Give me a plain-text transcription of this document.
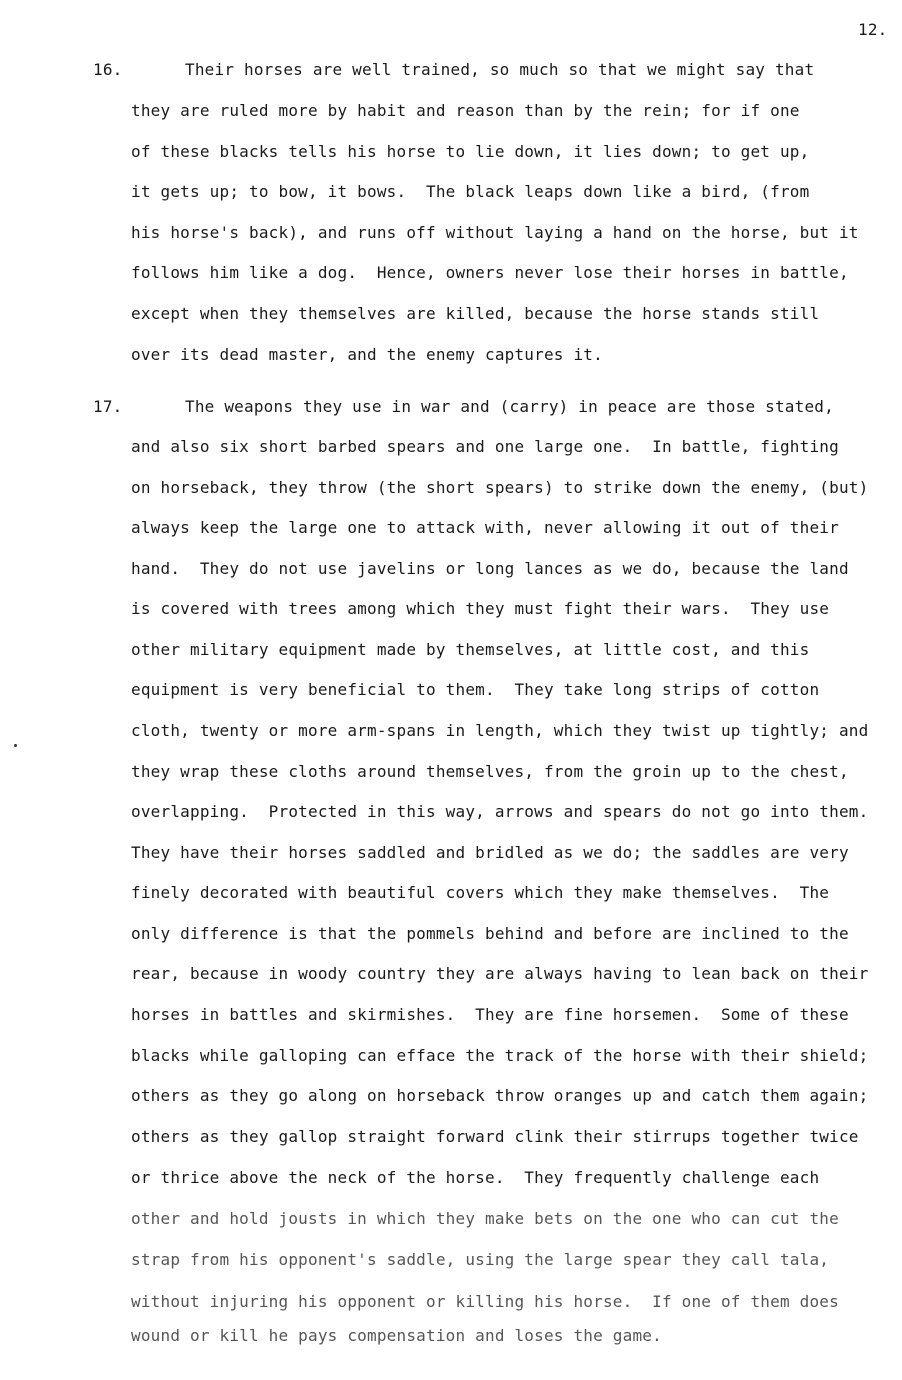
12.
16.	Their horses are well trained, so much so that we might say that
they are ruled more by habit and reason than by the rein; for if one
of these blacks tells his horse to lie down, it lies down; to get up,
it gets up; to bow, it bows.  The black leaps down like a bird, (from
his horse's back), and runs off without laying a hand on the horse, but it
follows him like a dog.  Hence, owners never lose their horses in battle,
except when they themselves are killed, because the horse stands still
over its dead master, and the enemy captures it.
17.	The weapons they use in war and (carry) in peace are those stated,
and also six short barbed spears and one large one.  In battle, fighting
on horseback, they throw (the short spears) to strike down the enemy, (but)
always keep the large one to attack with, never allowing it out of their
hand.  They do not use javelins or long lances as we do, because the land
is covered with trees among which they must fight their wars.  They use
other military equipment made by themselves, at little cost, and this
equipment is very beneficial to them.  They take long strips of cotton
cloth, twenty or more arm-spans in length, which they twist up tightly; and
they wrap these cloths around themselves, from the groin up to the chest,
overlapping.  Protected in this way, arrows and spears do not go into them.
They have their horses saddled and bridled as we do; the saddles are very
finely decorated with beautiful covers which they make themselves.  The
only difference is that the pommels behind and before are inclined to the
rear, because in woody country they are always having to lean back on their
horses in battles and skirmishes.  They are fine horsemen.  Some of these
blacks while galloping can efface the track of the horse with their shield;
others as they go along on horseback throw oranges up and catch them again;
others as they gallop straight forward clink their stirrups together twice
or thrice above the neck of the horse.  They frequently challenge each
other and hold jousts in which they make bets on the one who can cut the
strap from his opponent's saddle, using the large spear they call tala,
without injuring his opponent or killing his horse.  If one of them does
wound or kill he pays compensation and loses the game.
